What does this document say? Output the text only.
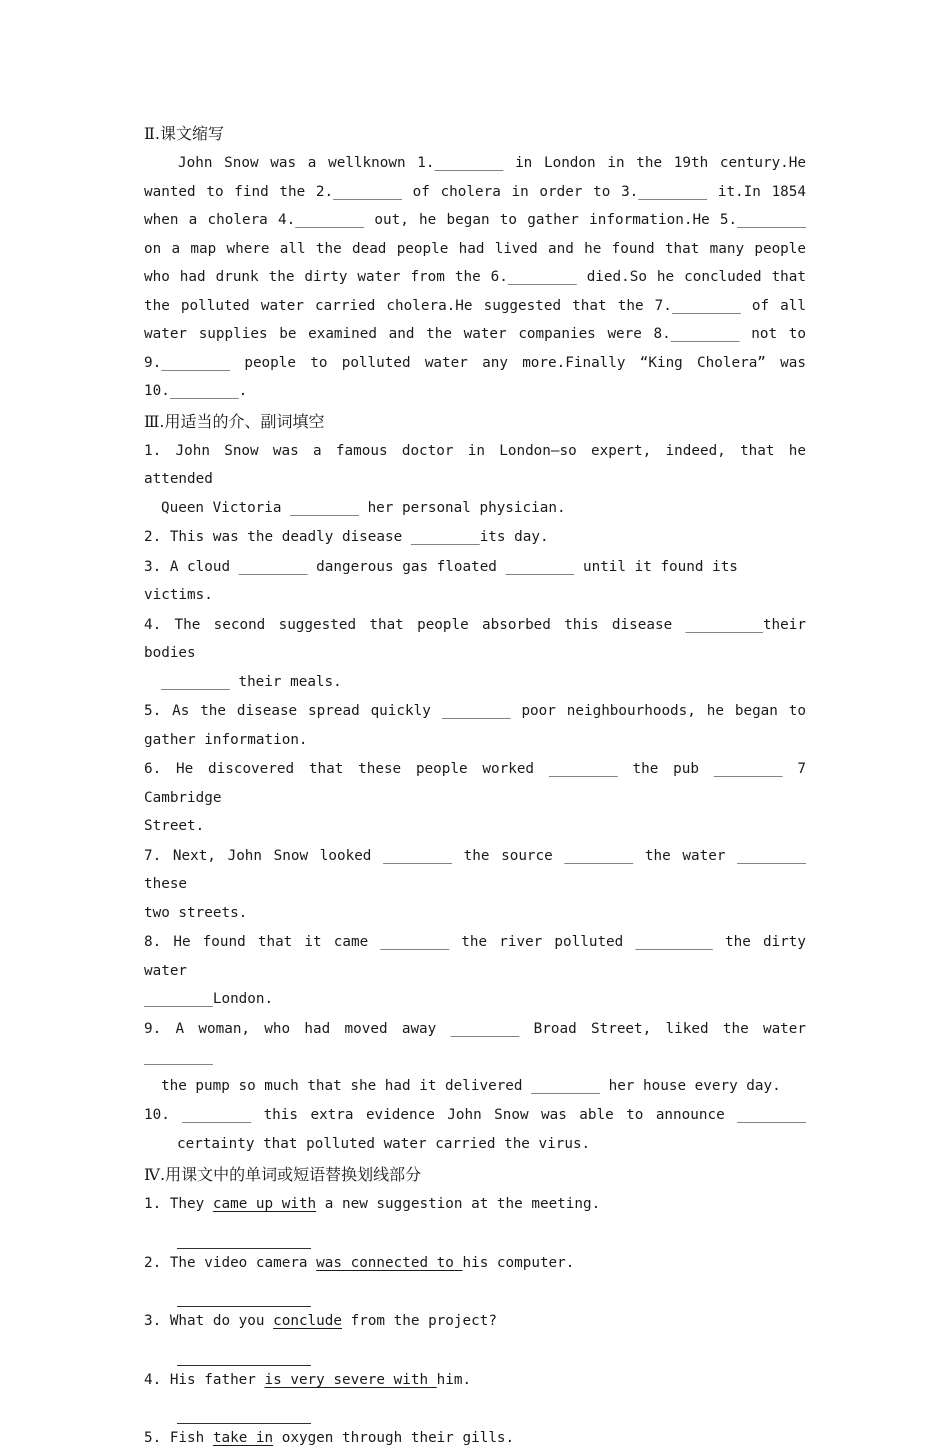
Ⅱ.课文缩写

John Snow was a wellknown 1.________ in London in the 19th century.He wanted to find the 2.________ of cholera in order to 3.________ it.In 1854 when a cholera 4.________ out, he began to gather information.He 5.________ on a map where all the dead people had lived and he found that many people who had drunk the dirty water from the 6.________ died.So he concluded that the polluted water carried cholera.He suggested that the 7.________ of all water supplies be examined and the water companies were 8.________ not to 9.________ people to polluted water any more.Finally “King Cholera” was 10.________.

Ⅲ.用适当的介、副词填空
1. John Snow was a famous doctor in London—so expert, indeed, that he attended
Queen Victoria ________ her personal physician.
2. This was the deadly disease ________its day.
3. A cloud ________ dangerous gas floated ________ until it found its victims.
4. The second suggested that people absorbed this disease _________their bodies
________ their meals.
5. As the disease spread quickly ________ poor neighbourhoods, he began to
gather information.
6. He discovered that these people worked ________ the pub ________ 7 Cambridge
Street.
7. Next, John Snow looked ________ the source ________ the water ________ these
two streets.
8. He found that it came ________ the river polluted _________ the dirty water
________London.
9. A woman, who had moved away ________ Broad Street, liked the water ________
the pump so much that she had it delivered ________ her house every day.
10. ________ this extra evidence John Snow was able to announce ________
certainty that polluted water carried the virus.
Ⅳ.用课文中的单词或短语替换划线部分
1. They came up with a new suggestion at the meeting.
2. The video camera was connected to his computer.
3. What do you conclude from the project?
4. His father is very severe with him.
5. Fish take in oxygen through their gills.
